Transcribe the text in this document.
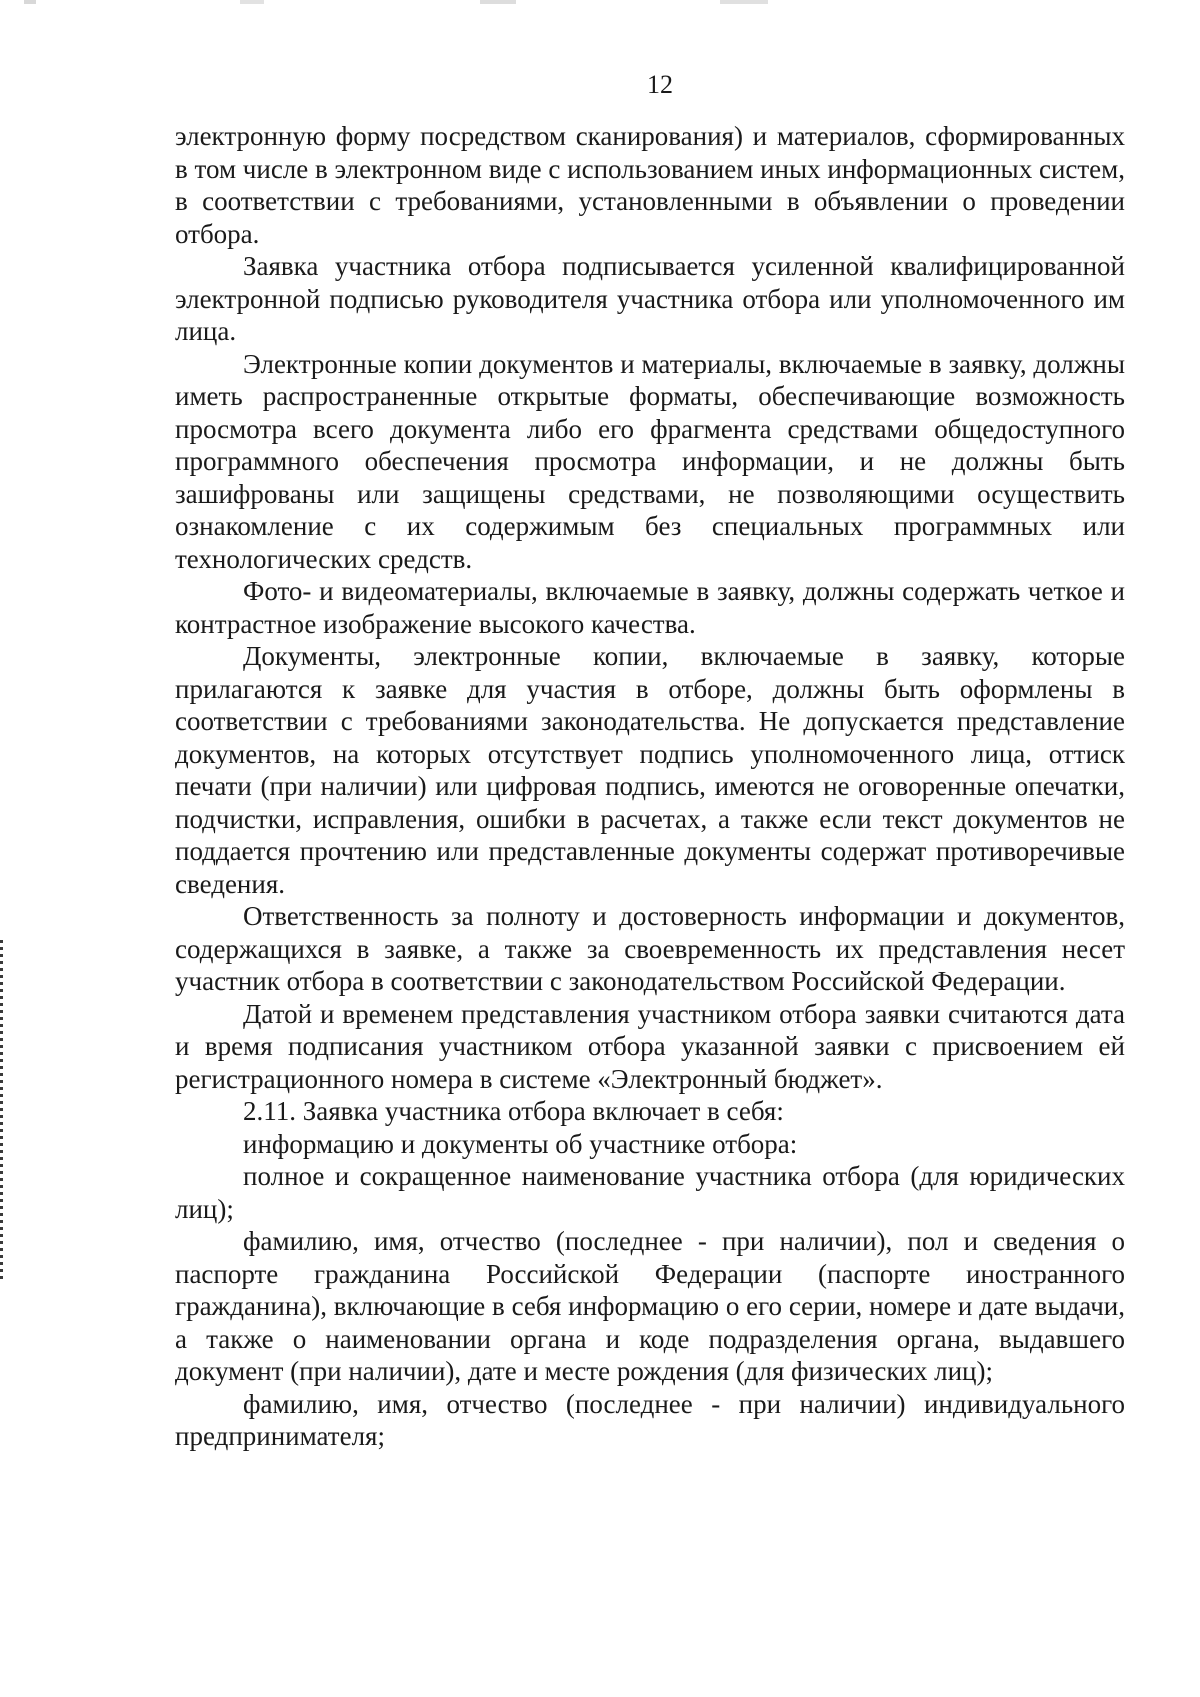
12

электронную форму посредством сканирования) и материалов, сформированных в том числе в электронном виде с использованием иных информационных систем, в соответствии с требованиями, установленными в объявлении о проведении отбора.

Заявка участника отбора подписывается усиленной квалифицированной электронной подписью руководителя участника отбора или уполномоченного им лица.

Электронные копии документов и материалы, включаемые в заявку, должны иметь распространенные открытые форматы, обеспечивающие возможность просмотра всего документа либо его фрагмента средствами общедоступного программного обеспечения просмотра информации, и не должны быть зашифрованы или защищены средствами, не позволяющими осуществить ознакомление с их содержимым без специальных программных или технологических средств.

Фото- и видеоматериалы, включаемые в заявку, должны содержать четкое и контрастное изображение высокого качества.

Документы, электронные копии, включаемые в заявку, которые прилагаются к заявке для участия в отборе, должны быть оформлены в соответствии с требованиями законодательства. Не допускается представление документов, на которых отсутствует подпись уполномоченного лица, оттиск печати (при наличии) или цифровая подпись, имеются не оговоренные опечатки, подчистки, исправления, ошибки в расчетах, а также если текст документов не поддается прочтению или представленные документы содержат противоречивые сведения.

Ответственность за полноту и достоверность информации и документов, содержащихся в заявке, а также за своевременность их представления несет участник отбора в соответствии с законодательством Российской Федерации.

Датой и временем представления участником отбора заявки считаются дата и время подписания участником отбора указанной заявки с присвоением ей регистрационного номера в системе «Электронный бюджет».

2.11. Заявка участника отбора включает в себя:

информацию и документы об участнике отбора:

полное и сокращенное наименование участника отбора (для юридических лиц);

фамилию, имя, отчество (последнее - при наличии), пол и сведения о паспорте гражданина Российской Федерации (паспорте иностранного гражданина), включающие в себя информацию о его серии, номере и дате выдачи, а также о наименовании органа и коде подразделения органа, выдавшего документ (при наличии), дате и месте рождения (для физических лиц);

фамилию, имя, отчество (последнее - при наличии) индивидуального предпринимателя;
